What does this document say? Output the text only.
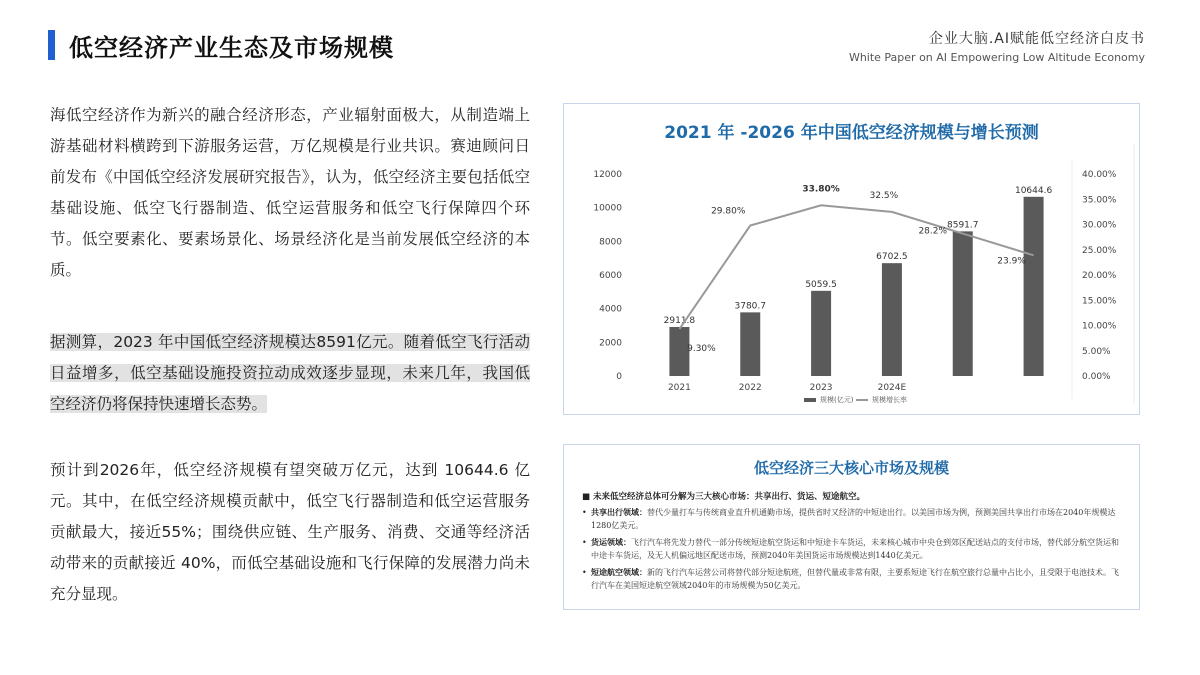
低空经济产业生态及市场规模	企业大脑.AI赋能低空经济白皮书
White Paper on AI Empowering Low Altitude Economy
海低空经济作为新兴的融合经济形态，产业辐射面极大，从制造端上游基础材料横跨到下游服务运营，万亿规模是行业共识。赛迪顾问日前发布《中国低空经济发展研究报告》，认为，低空经济主要包括低空基础设施、低空飞行器制造、低空运营服务和低空飞行保障四个环节。低空要素化、要素场景化、场景经济化是当前发展低空经济的本质。
据测算，2023 年中国低空经济规模达8591亿元。随着低空飞行活动日益增多，低空基础设施投资拉动成效逐步显现，未来几年，我国低空经济仍将保持快速增长态势。
预计到2026年，低空经济规模有望突破万亿元，达到 10644.6 亿元。其中，在低空经济规模贡献中，低空飞行器制造和低空运营服务贡献最大，接近55%；围绕供应链、生产服务、消费、交通等经济活动带来的贡献接近 40%，而低空基础设施和飞行保障的发展潜力尚未充分显现。
2021 年 -2026 年中国低空经济规模与增长预测
0
2000
4000
6000
8000
10000
12000
0.00%
5.00%
10.00%
15.00%
20.00%
25.00%
30.00%
35.00%
40.00%
2911.8
3780.7
5059.5
6702.5
8591.7
10644.6
2021	2022	2023	2024E
9.30%
29.80%
33.80%
32.5%
28.2%
23.9%
规模(亿元)	规模增长率
低空经济三大核心市场及规模
■ 未来低空经济总体可分解为三大核心市场：共享出行、货运、短途航空。
• 共享出行领域：替代少量打车与传统商业直升机通勤市场，提供省时又经济的中短途出行。以美国市场为例，预测美国共享出行市场在2040年规模达1280亿美元。
• 货运领域：飞行汽车将先发力替代一部分传统短途航空货运和中短途卡车货运，未来核心城市中央仓到郊区配送站点的支付市场，替代部分航空货运和中途卡车货运，及无人机偏远地区配送市场，预测2040年美国货运市场规模达到1440亿美元。
• 短途航空领域：新的飞行汽车运营公司将替代部分短途航班，但替代量或非常有限，主要系短途飞行在航空旅行总量中占比小，且受限于电池技术。飞行汽车在美国短途航空领域2040年的市场规模为50亿美元。
